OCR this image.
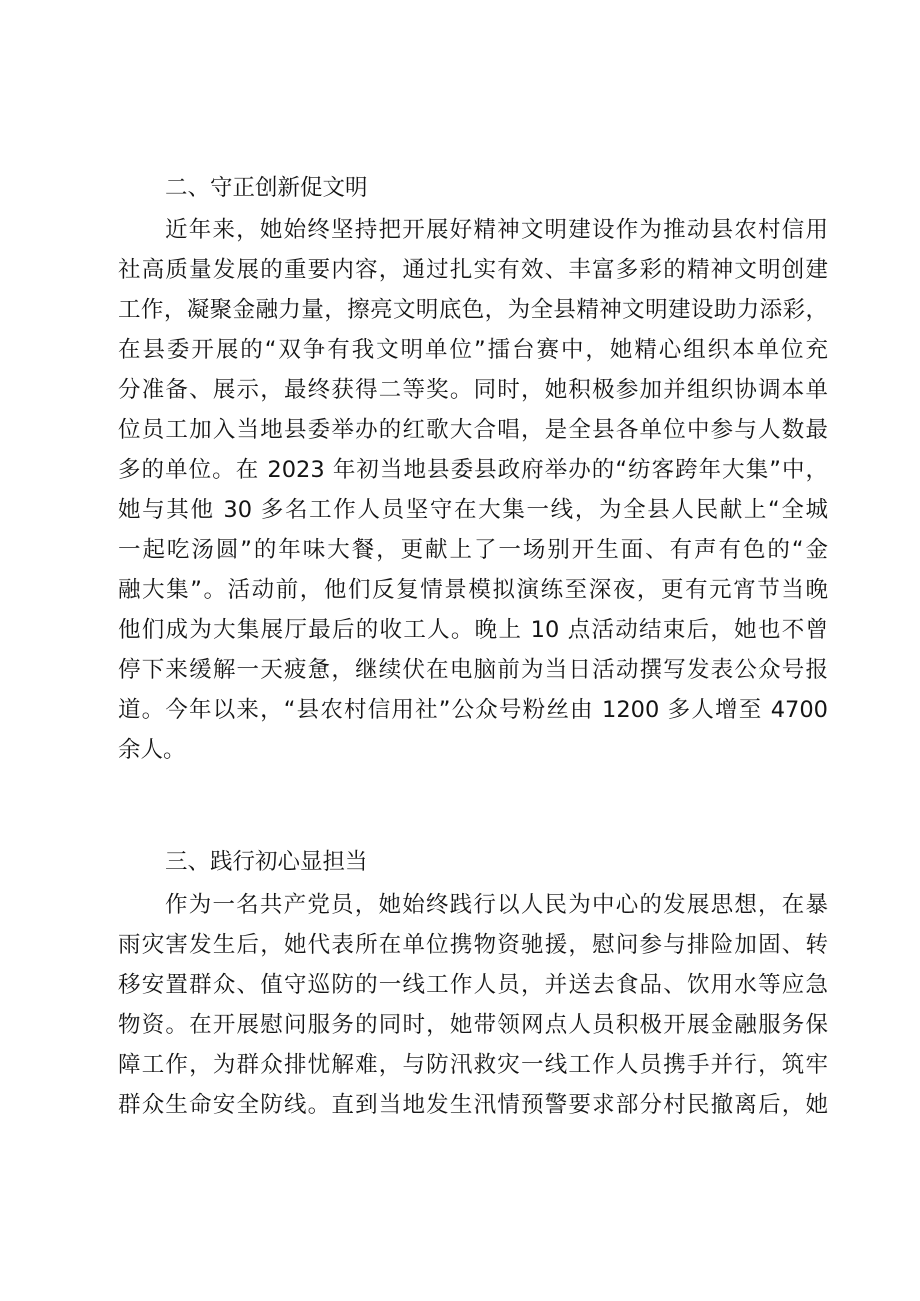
二、守正创新促文明
近年来，她始终坚持把开展好精神文明建设作为推动县农村信用
社高质量发展的重要内容，通过扎实有效、丰富多彩的精神文明创建
工作，凝聚金融力量，擦亮文明底色，为全县精神文明建设助力添彩，
在县委开展的“双争有我文明单位”擂台赛中，她精心组织本单位充
分准备、展示，最终获得二等奖。同时，她积极参加并组织协调本单
位员工加入当地县委举办的红歌大合唱，是全县各单位中参与人数最
多的单位。在 2023 年初当地县委县政府举办的“纺客跨年大集”中，
她与其他 30 多名工作人员坚守在大集一线，为全县人民献上“全城
一起吃汤圆”的年味大餐，更献上了一场别开生面、有声有色的“金
融大集”。活动前，他们反复情景模拟演练至深夜，更有元宵节当晚
他们成为大集展厅最后的收工人。晚上 10 点活动结束后，她也不曾
停下来缓解一天疲惫，继续伏在电脑前为当日活动撰写发表公众号报
道。今年以来，“县农村信用社”公众号粉丝由 1200 多人增至 4700
余人。
三、践行初心显担当
作为一名共产党员，她始终践行以人民为中心的发展思想，在暴
雨灾害发生后，她代表所在单位携物资驰援，慰问参与排险加固、转
移安置群众、值守巡防的一线工作人员，并送去食品、饮用水等应急
物资。在开展慰问服务的同时，她带领网点人员积极开展金融服务保
障工作，为群众排忧解难，与防汛救灾一线工作人员携手并行，筑牢
群众生命安全防线。直到当地发生汛情预警要求部分村民撤离后，她
